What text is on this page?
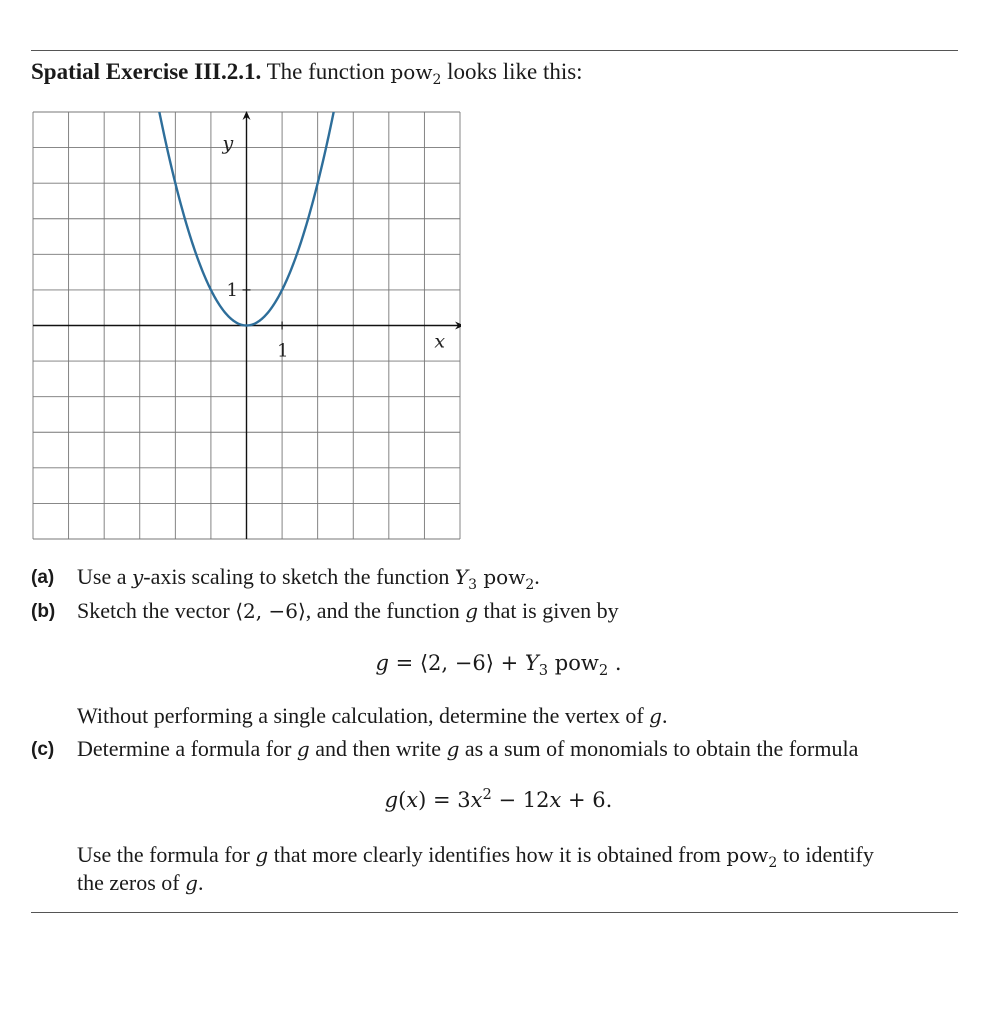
Spatial Exercise III.2.1. The function pow$_2$ looks like this:
y
x
1
1
(a) Use a y-axis scaling to sketch the function $Y_3$ pow$_2$.
(b) Sketch the vector ⟨2, −6⟩, and the function g that is given by
g = ⟨2, −6⟩ + $Y_3$ pow$_2$ .
Without performing a single calculation, determine the vertex of g.
(c) Determine a formula for g and then write g as a sum of monomials to obtain the formula
$g(x) = 3x^2 - 12x + 6$.
Use the formula for g that more clearly identifies how it is obtained from pow$_2$ to identify
the zeros of g.
